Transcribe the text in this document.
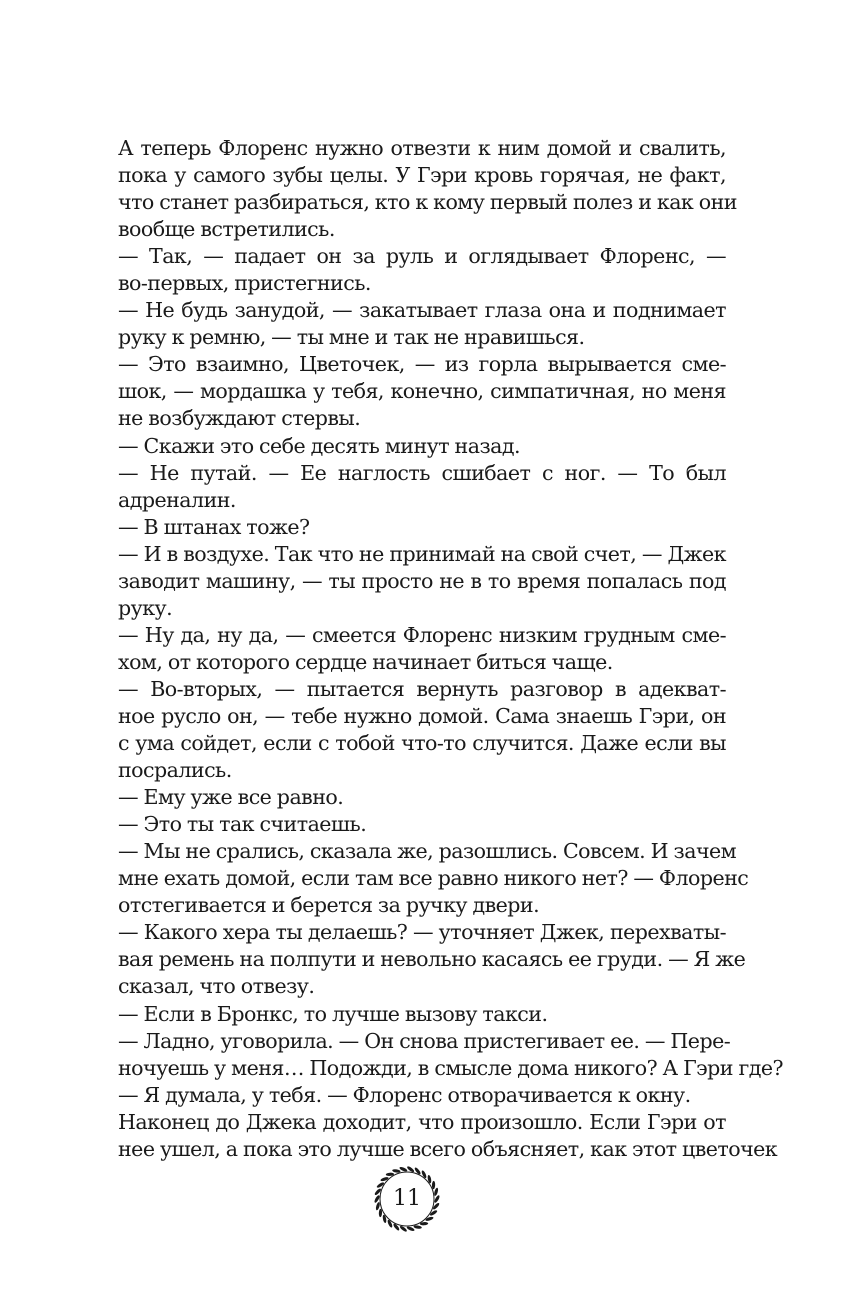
А теперь Флоренс нужно отвезти к ним домой и свалить,
пока у самого зубы целы. У Гэри кровь горячая, не факт,
что станет разбираться, кто к кому первый полез и как они
вообще встретились.
— Так, — падает он за руль и оглядывает Флоренс, —
во-первых, пристегнись.
— Не будь занудой, — закатывает глаза она и поднимает
руку к ремню, — ты мне и так не нравишься.
— Это взаимно, Цветочек, — из горла вырывается сме-
шок, — мордашка у тебя, конечно, симпатичная, но меня
не возбуждают стервы.
— Скажи это себе десять минут назад.
— Не путай. — Ее наглость сшибает с ног. — То был
адреналин.
— В штанах тоже?
— И в воздухе. Так что не принимай на свой счет, — Джек
заводит машину, — ты просто не в то время попалась под
руку.
— Ну да, ну да, — смеется Флоренс низким грудным сме-
хом, от которого сердце начинает биться чаще.
— Во-вторых, — пытается вернуть разговор в адекват-
ное русло он, — тебе нужно домой. Сама знаешь Гэри, он
с ума сойдет, если с тобой что-то случится. Даже если вы
посрались.
— Ему уже все равно.
— Это ты так считаешь.
— Мы не срались, сказала же, разошлись. Совсем. И зачем
мне ехать домой, если там все равно никого нет? — Флоренс
отстегивается и берется за ручку двери.
— Какого хера ты делаешь? — уточняет Джек, перехваты-
вая ремень на полпути и невольно касаясь ее груди. — Я же
сказал, что отвезу.
— Если в Бронкс, то лучше вызову такси.
— Ладно, уговорила. — Он снова пристегивает ее. — Пере-
ночуешь у меня… Подожди, в смысле дома никого? А Гэри где?
— Я думала, у тебя. — Флоренс отворачивается к окну.
Наконец до Джека доходит, что произошло. Если Гэри от
нее ушел, а пока это лучше всего объясняет, как этот цветочек
11
